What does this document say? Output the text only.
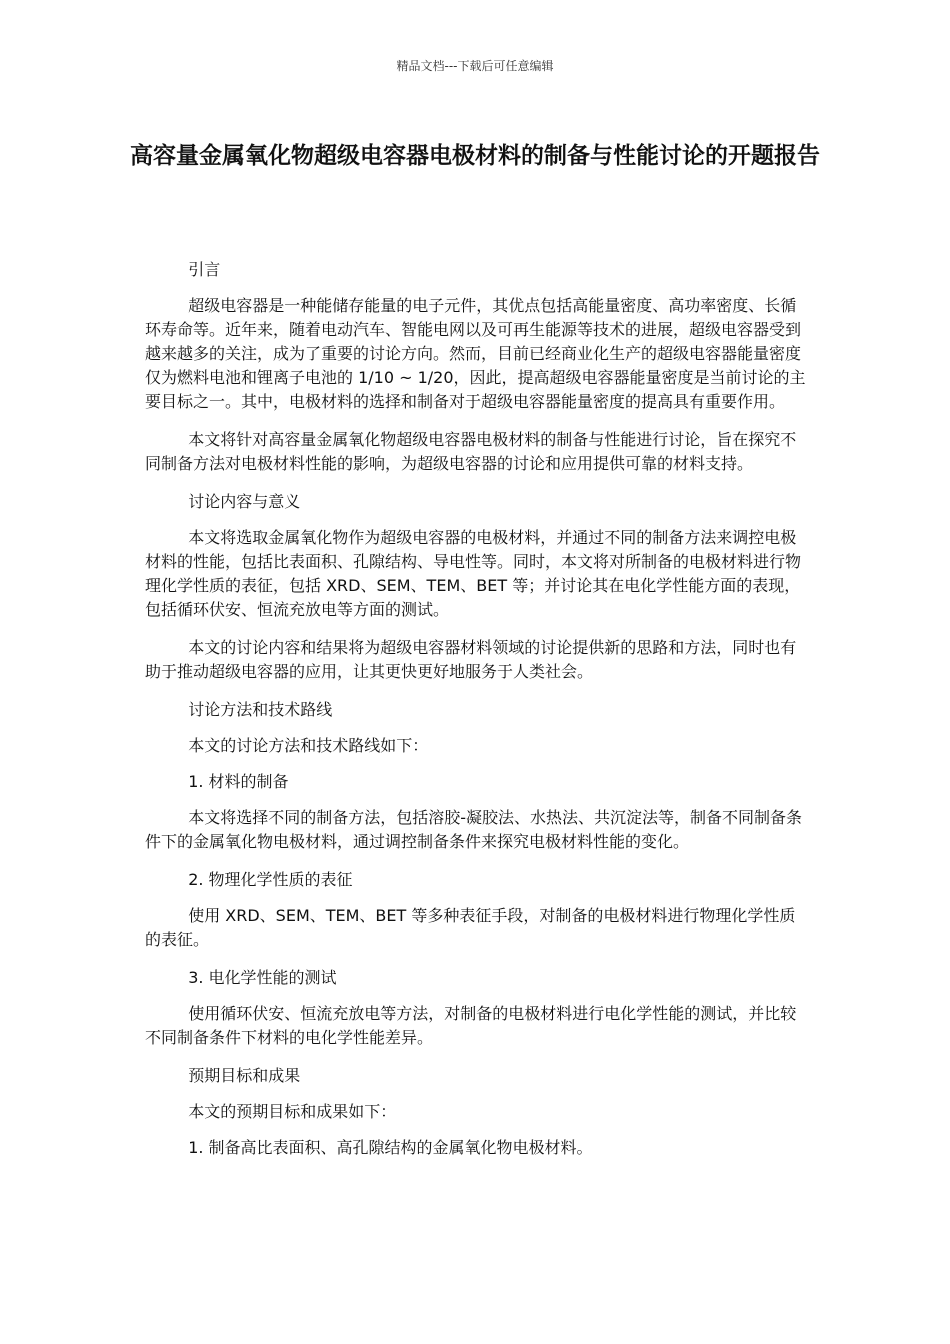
精品文档---下载后可任意编辑
高容量金属氧化物超级电容器电极材料的制备与性能讨论的开题报告

引言

超级电容器是一种能储存能量的电子元件，其优点包括高能量密度、高功率密度、长循环寿命等。近年来，随着电动汽车、智能电网以及可再生能源等技术的进展，超级电容器受到越来越多的关注，成为了重要的讨论方向。然而，目前已经商业化生产的超级电容器能量密度仅为燃料电池和锂离子电池的 1/10 ~ 1/20，因此，提高超级电容器能量密度是当前讨论的主要目标之一。其中，电极材料的选择和制备对于超级电容器能量密度的提高具有重要作用。

本文将针对高容量金属氧化物超级电容器电极材料的制备与性能进行讨论，旨在探究不同制备方法对电极材料性能的影响，为超级电容器的讨论和应用提供可靠的材料支持。

讨论内容与意义

本文将选取金属氧化物作为超级电容器的电极材料，并通过不同的制备方法来调控电极材料的性能，包括比表面积、孔隙结构、导电性等。同时，本文将对所制备的电极材料进行物理化学性质的表征，包括 XRD、SEM、TEM、BET 等；并讨论其在电化学性能方面的表现，包括循环伏安、恒流充放电等方面的测试。

本文的讨论内容和结果将为超级电容器材料领域的讨论提供新的思路和方法，同时也有助于推动超级电容器的应用，让其更快更好地服务于人类社会。

讨论方法和技术路线

本文的讨论方法和技术路线如下：

1. 材料的制备

本文将选择不同的制备方法，包括溶胶-凝胶法、水热法、共沉淀法等，制备不同制备条件下的金属氧化物电极材料，通过调控制备条件来探究电极材料性能的变化。

2. 物理化学性质的表征

使用 XRD、SEM、TEM、BET 等多种表征手段，对制备的电极材料进行物理化学性质的表征。

3. 电化学性能的测试

使用循环伏安、恒流充放电等方法，对制备的电极材料进行电化学性能的测试，并比较不同制备条件下材料的电化学性能差异。

预期目标和成果

本文的预期目标和成果如下：

1. 制备高比表面积、高孔隙结构的金属氧化物电极材料。
